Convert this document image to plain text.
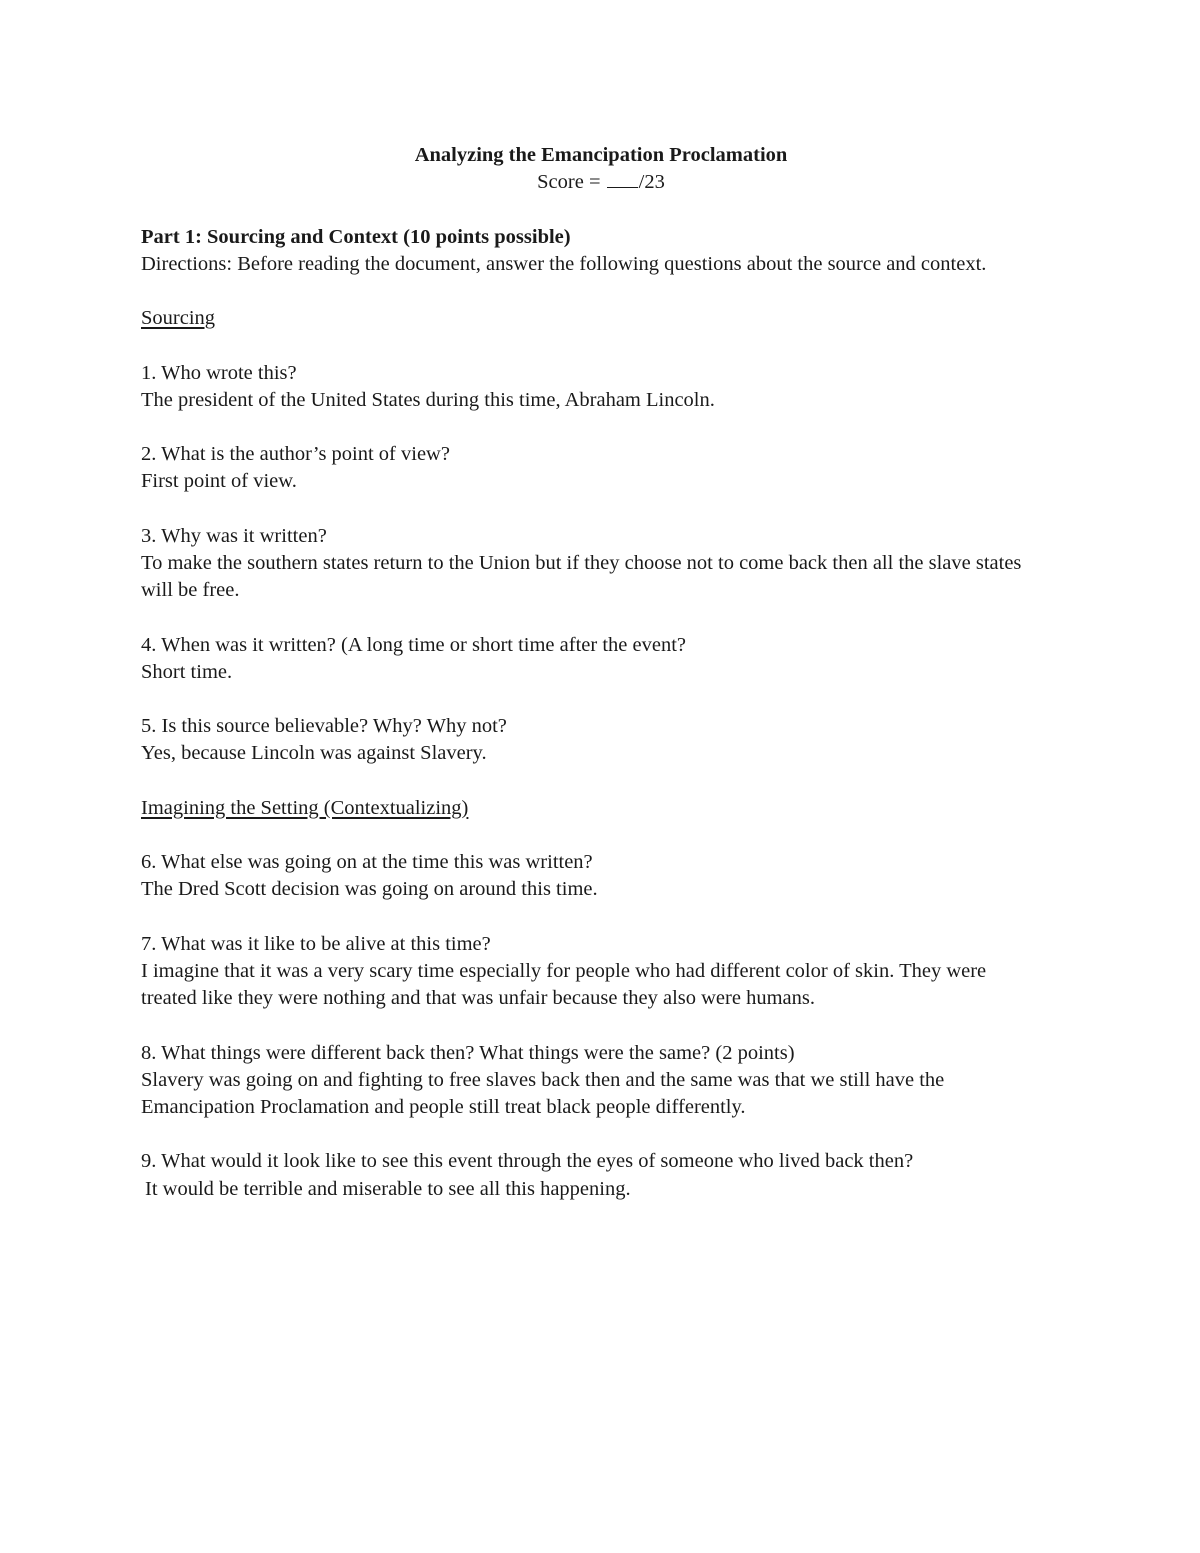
Analyzing the Emancipation Proclamation

Score = /23

Part 1: Sourcing and Context (10 points possible)

Directions: Before reading the document, answer the following questions about the source and context.

Sourcing

1. Who wrote this?

The president of the United States during this time, Abraham Lincoln.

2. What is the author’s point of view?

First point of view.

3. Why was it written?

To make the southern states return to the Union but if they choose not to come back then all the slave states will be free.

4. When was it written? (A long time or short time after the event?

Short time.

5. Is this source believable? Why? Why not?

Yes, because Lincoln was against Slavery.

Imagining the Setting (Contextualizing)

6. What else was going on at the time this was written?

The Dred Scott decision was going on around this time.

7. What was it like to be alive at this time?

I imagine that it was a very scary time especially for people who had different color of skin. They were treated like they were nothing and that was unfair because they also were humans.

8. What things were different back then? What things were the same? (2 points)

Slavery was going on and fighting to free slaves back then and the same was that we still have the Emancipation Proclamation and people still treat black people differently.

9. What would it look like to see this event through the eyes of someone who lived back then?

It would be terrible and miserable to see all this happening.
